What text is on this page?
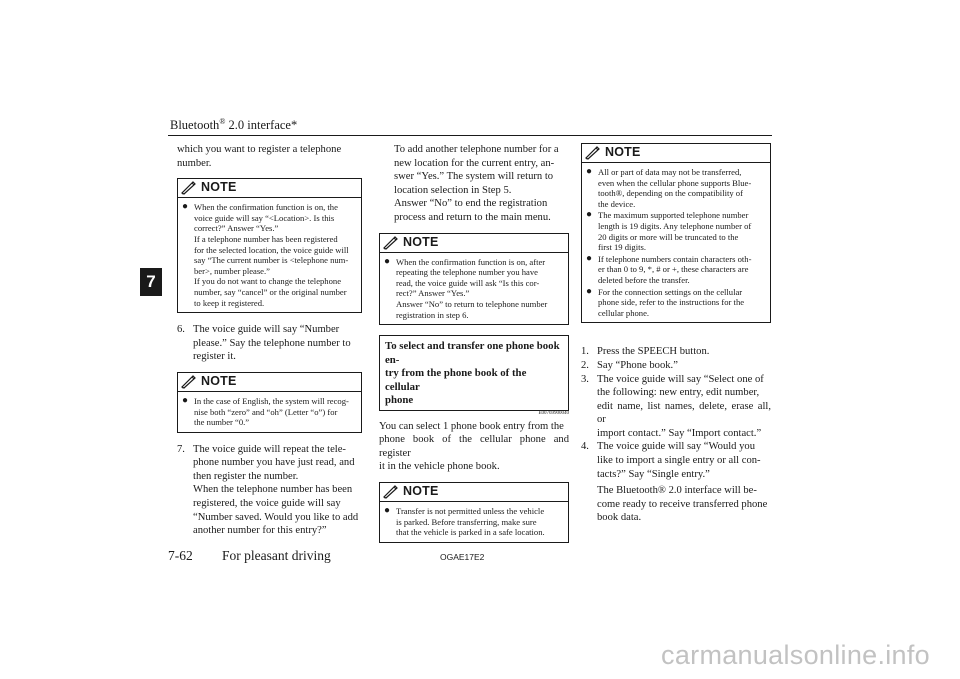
Bluetooth® 2.0 interface*
7
which you want to register a telephone
number.
NOTE
● When the confirmation function is on, the
voice guide will say “<Location>. Is this
correct?” Answer “Yes.”
If a telephone number has been registered
for the selected location, the voice guide will
say “The current number is <telephone num-
ber>, number please.”
If you do not want to change the telephone
number, say “cancel” or the original number
to keep it registered.
6. The voice guide will say “Number
please.” Say the telephone number to
register it.
NOTE
● In the case of English, the system will recog-
nise both “zero” and “oh” (Letter “o”) for
the number “0.”
7. The voice guide will repeat the tele-
phone number you have just read, and
then register the number.
When the telephone number has been
registered, the voice guide will say
“Number saved. Would you like to add
another number for this entry?”
To add another telephone number for a
new location for the current entry, an-
swer “Yes.” The system will return to
location selection in Step 5.
Answer “No” to end the registration
process and return to the main menu.
NOTE
● When the confirmation function is on, after
repeating the telephone number you have
read, the voice guide will ask “Is this cor-
rect?” Answer “Yes.”
Answer “No” to return to telephone number
registration in step 6.
To select and transfer one phone book en-
try from the phone book of the cellular
phone
E00769900040
You can select 1 phone book entry from the
phone book of the cellular phone and register
it in the vehicle phone book.
NOTE
● Transfer is not permitted unless the vehicle
is parked. Before transferring, make sure
that the vehicle is parked in a safe location.
NOTE
● All or part of data may not be transferred,
even when the cellular phone supports Blue-
tooth®, depending on the compatibility of
the device.
● The maximum supported telephone number
length is 19 digits. Any telephone number of
20 digits or more will be truncated to the
first 19 digits.
● If telephone numbers contain characters oth-
er than 0 to 9, *, # or +, these characters are
deleted before the transfer.
● For the connection settings on the cellular
phone side, refer to the instructions for the
cellular phone.
1. Press the SPEECH button.
2. Say “Phone book.”
3. The voice guide will say “Select one of
the following: new entry, edit number,
edit name, list names, delete, erase all, or
import contact.” Say “Import contact.”
4. The voice guide will say “Would you
like to import a single entry or all con-
tacts?” Say “Single entry.”
The Bluetooth® 2.0 interface will be-
come ready to receive transferred phone
book data.
7-62 For pleasant driving	OGAE17E2
carmanualsonline.info
